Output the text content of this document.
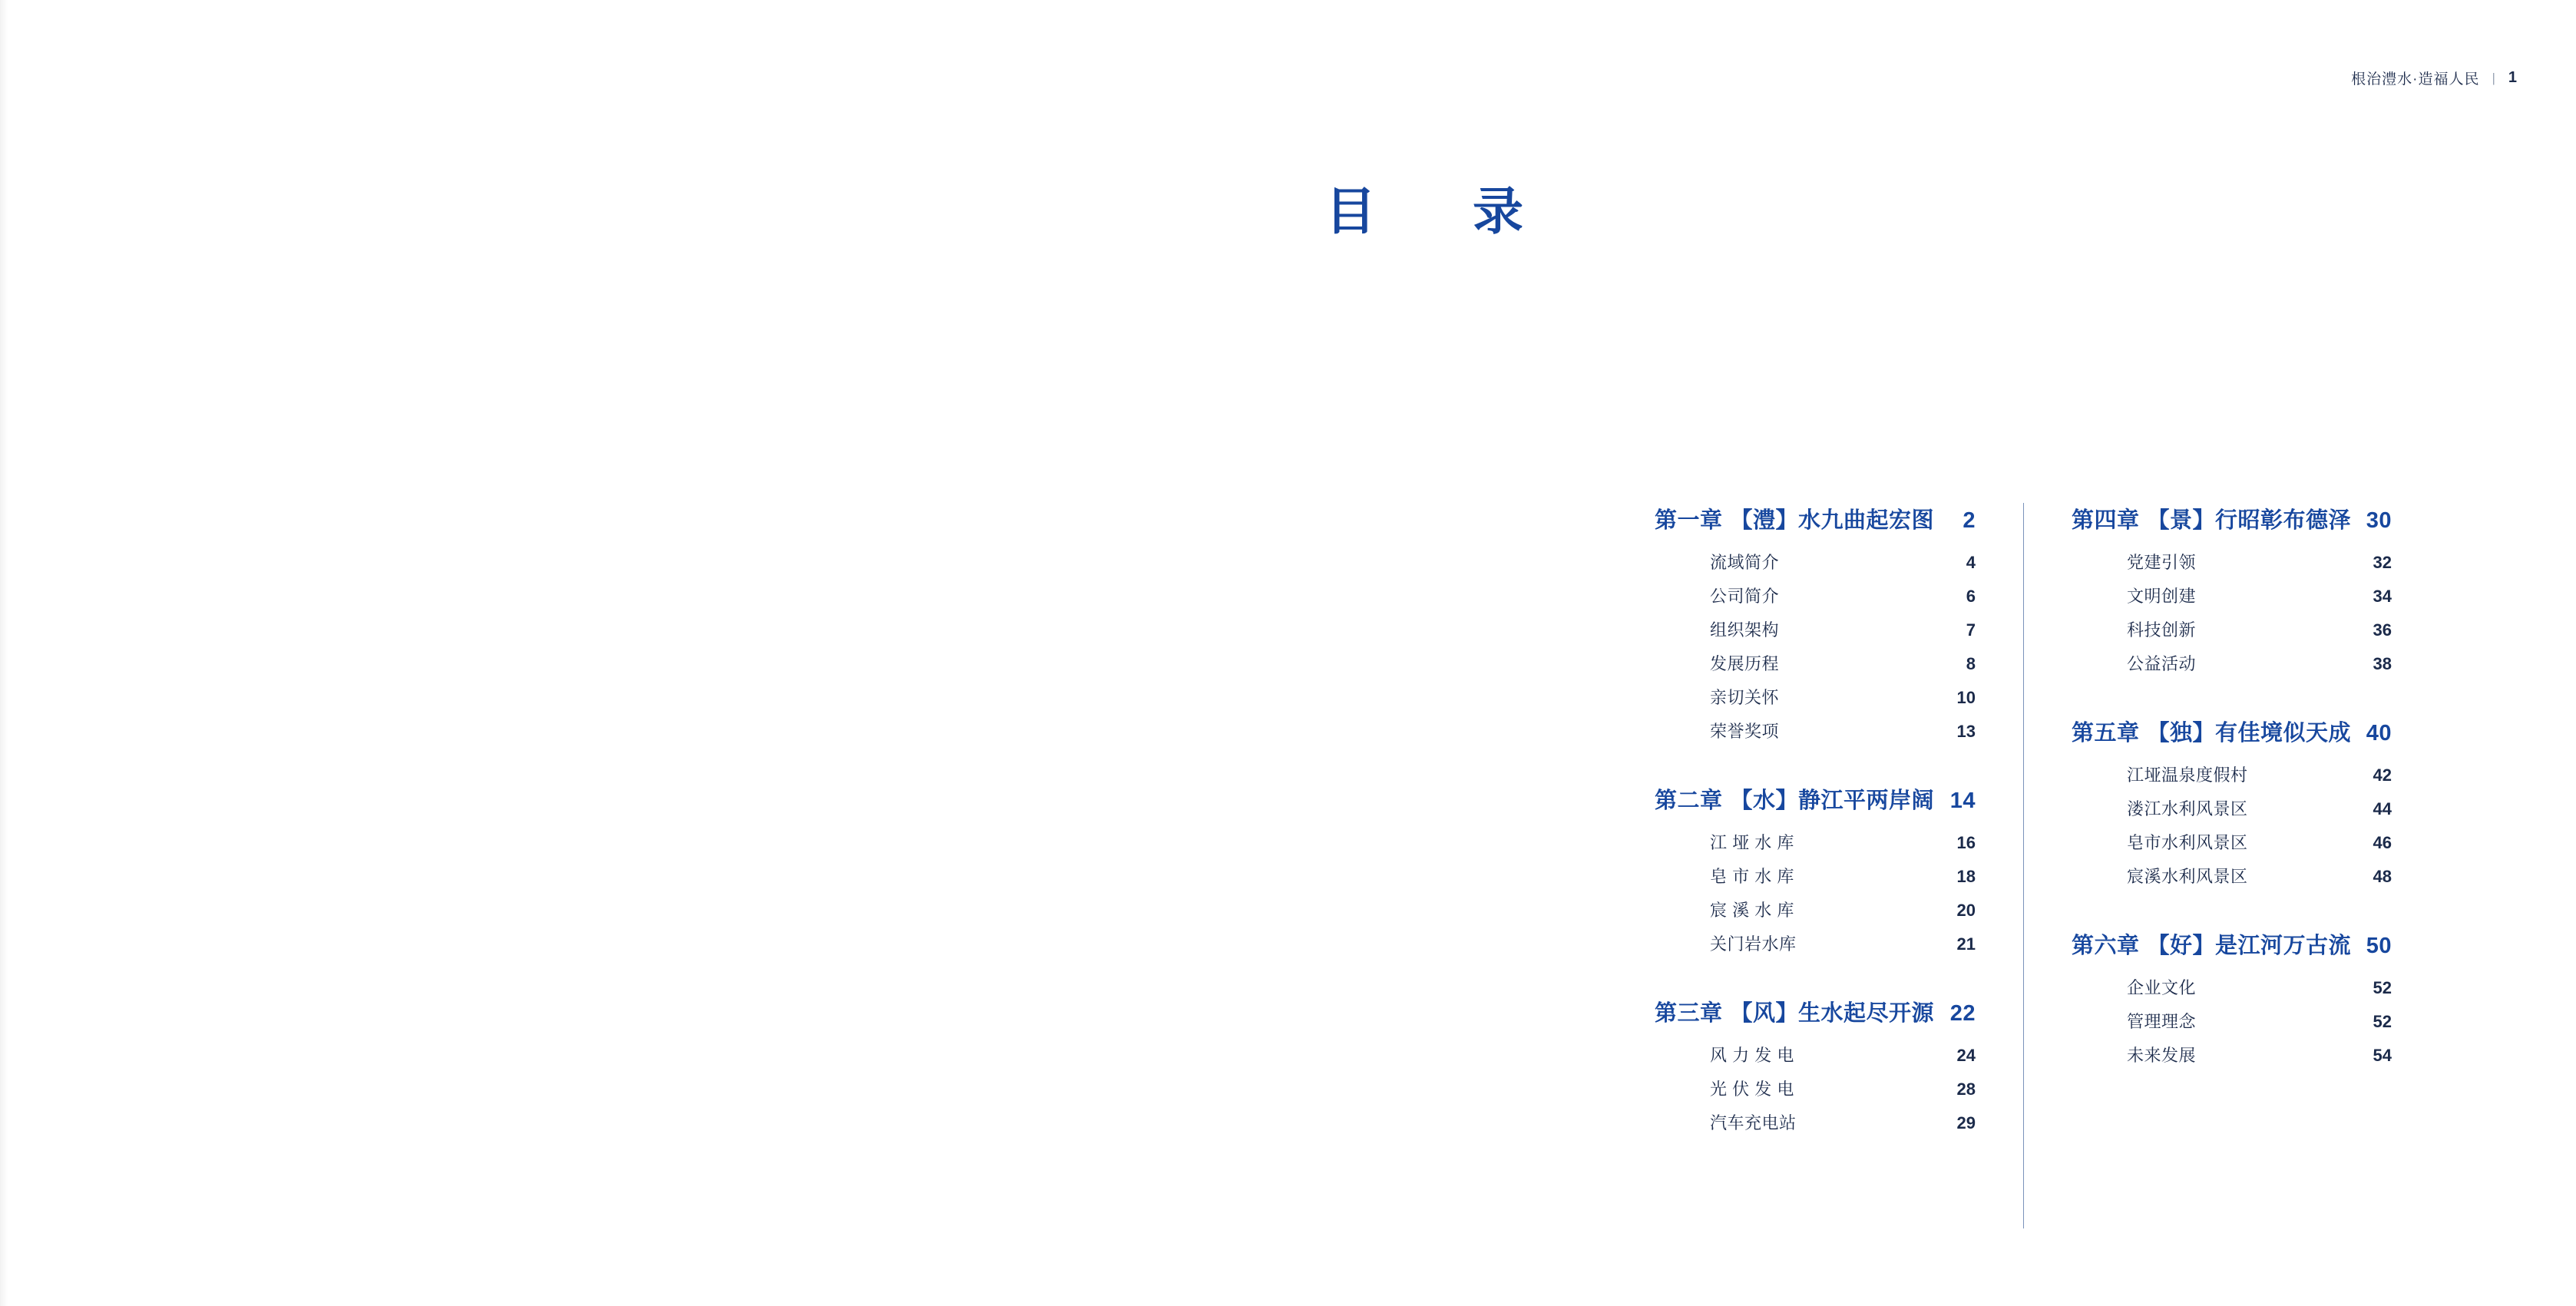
根治澧水·造福人民 | 1
目　录
第一章 【澧】水九曲起宏图	2
流域简介	4
公司简介	6
组织架构	7
发展历程	8
亲切关怀	10
荣誉奖项	13
第二章 【水】静江平两岸阔 14
江 垭 水 库	16
皂 市 水 库	18
宸 溪 水 库	20
关门岩水库	21
第三章 【风】生水起尽开源 22
风 力 发 电	24
光 伏 发 电	28
汽车充电站	29
第四章 【景】行昭彰布德泽 30
党建引领	32
文明创建	34
科技创新	36
公益活动	38
第五章 【独】有佳境似天成 40
江垭温泉度假村	42
溇江水利风景区	44
皂市水利风景区	46
宸溪水利风景区	48
第六章 【好】是江河万古流 50
企业文化	52
管理理念	52
未来发展	54
